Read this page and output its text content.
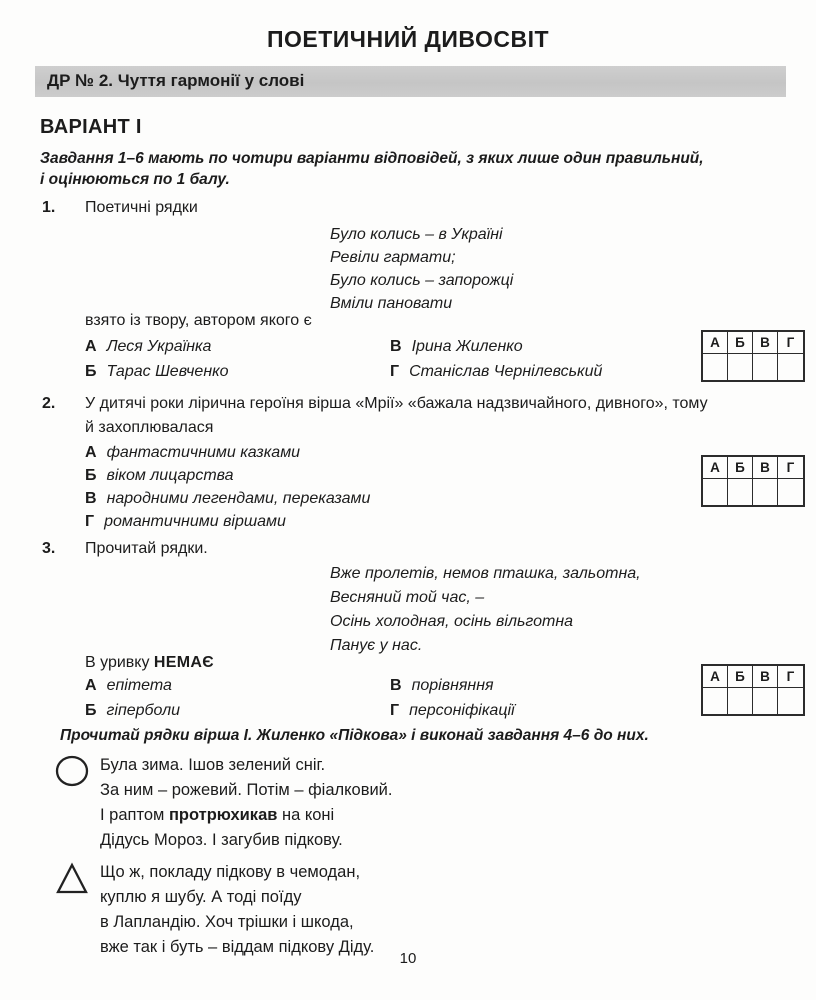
ПОЕТИЧНИЙ ДИВОСВІТ
ДР № 2. Чуття гармонії у слові
ВАРІАНТ І
Завдання 1–6 мають по чотири варіанти відповідей, з яких лише один правильний,
і оцінюються по 1 балу.
1.	Поетичні рядки
Було колись – в Україні
Ревіли гармати;
Було колись – запорожці
Вміли пановати
взято із твору, автором якого є
А Леся Українка	В Ірина Жиленко
Б Тарас Шевченко	Г Станіслав Чернілевський
А	Б	В	Г
2.	У дитячі роки лірична героїня вірша «Мрії» «бажала надзвичайного, дивного», тому
й захоплювалася
А фантастичними казками
Б віком лицарства
В народними легендами, переказами
Г романтичними віршами
А	Б	В	Г
3.	Прочитай рядки.
Вже пролетів, немов пташка, зальотна,
Весняний той час, –
Осінь холодная, осінь вільготна
Панує у нас.
В уривку НЕМАЄ
А епітета	В порівняння
Б гіперболи	Г персоніфікації
А	Б	В	Г
Прочитай рядки вірша І. Жиленко «Підкова» і виконай завдання 4–6 до них.
Була зима. Ішов зелений сніг.
За ним – рожевий. Потім – фіалковий.
І раптом протрюхикав на коні
Дідусь Мороз. І загубив підкову.
Що ж, покладу підкову в чемодан,
куплю я шубу. А тоді поїду
в Лапландію. Хоч трішки і шкода,
вже так і буть – віддам підкову Діду.
10
